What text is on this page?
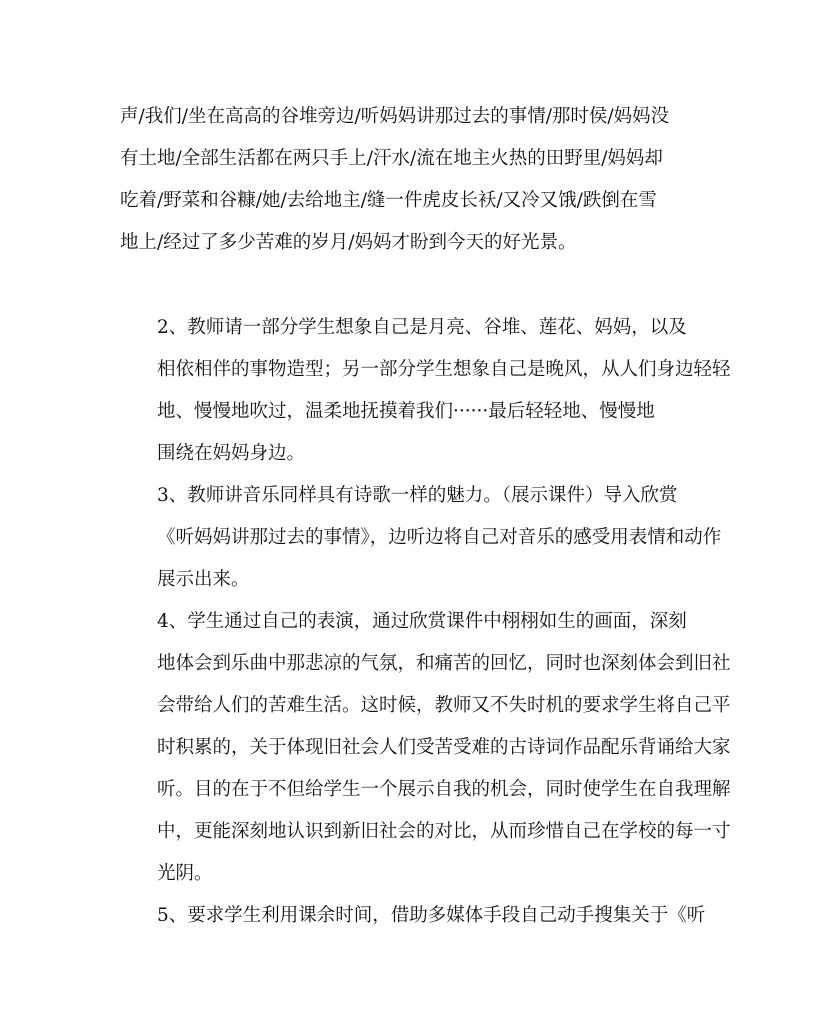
声/我们/坐在高高的谷堆旁边/听妈妈讲那过去的事情/那时侯/妈妈没
有土地/全部生活都在两只手上/汗水/流在地主火热的田野里/妈妈却
吃着/野菜和谷糠/她/去给地主/缝一件虎皮长袄/又冷又饿/跌倒在雪
地上/经过了多少苦难的岁月/妈妈才盼到今天的好光景。

2、教师请一部分学生想象自己是月亮、谷堆、莲花、妈妈，以及
相依相伴的事物造型；另一部分学生想象自己是晚风，从人们身边轻轻
地、慢慢地吹过，温柔地抚摸着我们······最后轻轻地、慢慢地
围绕在妈妈身边。

3、教师讲音乐同样具有诗歌一样的魅力。（展示课件）导入欣赏
《听妈妈讲那过去的事情》，边听边将自己对音乐的感受用表情和动作
展示出来。

4、学生通过自己的表演，通过欣赏课件中栩栩如生的画面，深刻
地体会到乐曲中那悲凉的气氛，和痛苦的回忆，同时也深刻体会到旧社
会带给人们的苦难生活。这时候，教师又不失时机的要求学生将自己平
时积累的，关于体现旧社会人们受苦受难的古诗词作品配乐背诵给大家
听。目的在于不但给学生一个展示自我的机会，同时使学生在自我理解
中，更能深刻地认识到新旧社会的对比，从而珍惜自己在学校的每一寸
光阴。

5、要求学生利用课余时间，借助多媒体手段自己动手搜集关于《听
